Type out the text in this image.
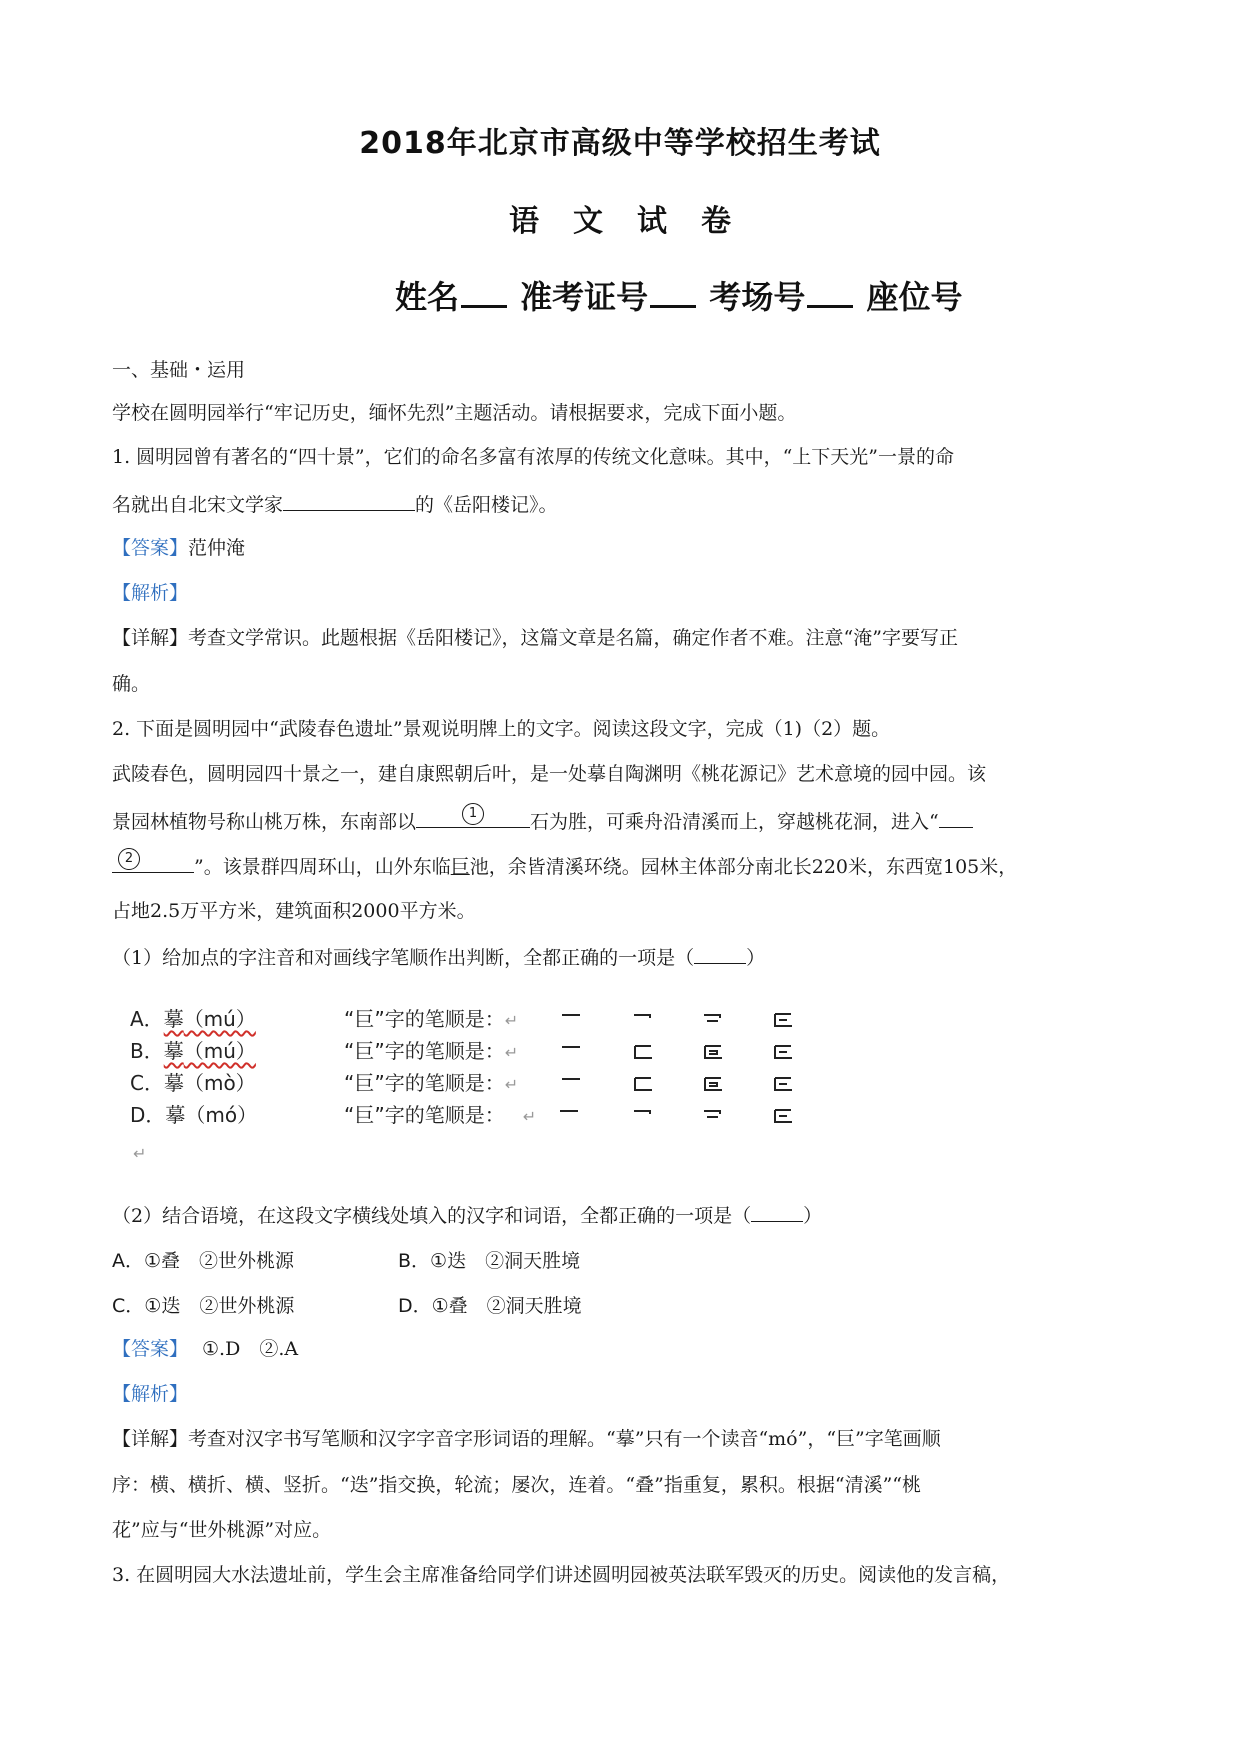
2018年北京市高级中等学校招生考试
语文试卷
姓名 准考证号 考场号 座位号
一、基础・运用
学校在圆明园举行“牢记历史，缅怀先烈”主题活动。请根据要求，完成下面小题。
1. 圆明园曾有著名的“四十景”，它们的命名多富有浓厚的传统文化意味。其中，“上下天光”一景的命
名就出自北宋文学家	的《岳阳楼记》。
【答案】范仲淹
【解析】
【详解】考查文学常识。此题根据《岳阳楼记》，这篇文章是名篇，确定作者不难。注意“淹”字要写正
确。
2. 下面是圆明园中“武陵春色遗址”景观说明牌上的文字。阅读这段文字，完成（1)（2）题。
武陵春色，圆明园四十景之一，建自康熙朝后叶，是一处摹自陶渊明《桃花源记》艺术意境的园中园。该
景园林植物号称山桃万株，东南部以	1	石为胜，可乘舟沿清溪而上，穿越桃花洞，进入“
2	”。该景群四周环山，山外东临巨池，余皆清溪环绕。园林主体部分南北长220米，东西宽105米，
占地2.5万平方米，建筑面积2000平方米。
（1）给加点的字注音和对画线字笔顺作出判断，全都正确的一项是（	）
A．摹（mú）	“巨”字的笔顺是：↵
B．摹（mú）	“巨”字的笔顺是：↵
C．摹（mò）	“巨”字的笔顺是：↵
D．摹（mó）	“巨”字的笔顺是： ↵
↵
（2）结合语境，在这段文字横线处填入的汉字和词语，全都正确的一项是（	）
A．①叠　②世外桃源	B．①迭　②洞天胜境
C．①迭　②世外桃源	D．①叠　②洞天胜境
【答案】 ①.D　②.A
【解析】
【详解】考查对汉字书写笔顺和汉字字音字形词语的理解。“摹”只有一个读音“mó”，“巨”字笔画顺
序：横、横折、横、竖折。“迭”指交换，轮流；屡次，连着。“叠”指重复，累积。根据“清溪”“桃
花”应与“世外桃源”对应。
3. 在圆明园大水法遗址前，学生会主席准备给同学们讲述圆明园被英法联军毁灭的历史。阅读他的发言稿，
